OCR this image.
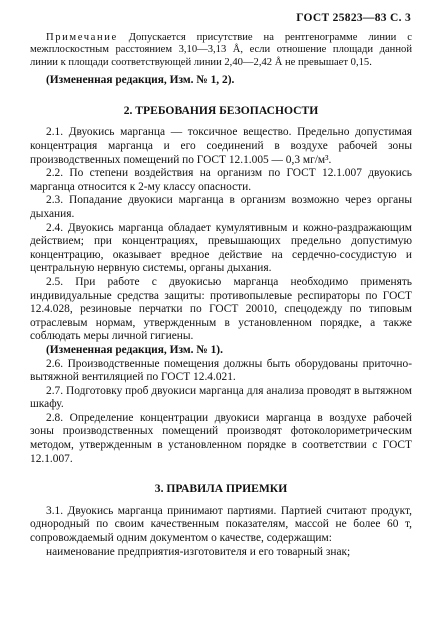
ГОСТ 25823—83 С. 3

Примечание Допускается присутствие на рентгенограмме линии с межплоскостным расстоянием 3,10—3,13 Å, если отношение площади данной линии к площади соответствующей линии 2,40—2,42 Å не превышает 0,15.

(Измененная редакция, Изм. № 1, 2).

2. ТРЕБОВАНИЯ БЕЗОПАСНОСТИ

2.1. Двуокись марганца — токсичное вещество. Предельно допустимая концентрация марганца и его соединений в воздухе рабочей зоны производственных помещений по ГОСТ 12.1.005 — 0,3 мг/м³.

2.2. По степени воздействия на организм по ГОСТ 12.1.007 двуокись марганца относится к 2-му классу опасности.

2.3. Попадание двуокиси марганца в организм возможно через органы дыхания.

2.4. Двуокись марганца обладает кумулятивным и кожно-раздражающим действием; при концентрациях, превышающих предельно допустимую концентрацию, оказывает вредное действие на сердечно-сосудистую и центральную нервную системы, органы дыхания.

2.5. При работе с двуокисью марганца необходимо применять индивидуальные средства защиты: противопылевые респираторы по ГОСТ 12.4.028, резиновые перчатки по ГОСТ 20010, спецодежду по типовым отраслевым нормам, утвержденным в установленном порядке, а также соблюдать меры личной гигиены.

(Измененная редакция, Изм. № 1).

2.6. Производственные помещения должны быть оборудованы приточно-вытяжной вентиляцией по ГОСТ 12.4.021.

2.7. Подготовку проб двуокиси марганца для анализа проводят в вытяжном шкафу.

2.8. Определение концентрации двуокиси марганца в воздухе рабочей зоны производственных помещений производят фотоколориметрическим методом, утвержденным в установленном порядке в соответствии с ГОСТ 12.1.007.

3. ПРАВИЛА ПРИЕМКИ

3.1. Двуокись марганца принимают партиями. Партией считают продукт, однородный по своим качественным показателям, массой не более 60 т, сопровождаемый одним документом о качестве, содержащим:

наименование предприятия-изготовителя и его товарный знак;
